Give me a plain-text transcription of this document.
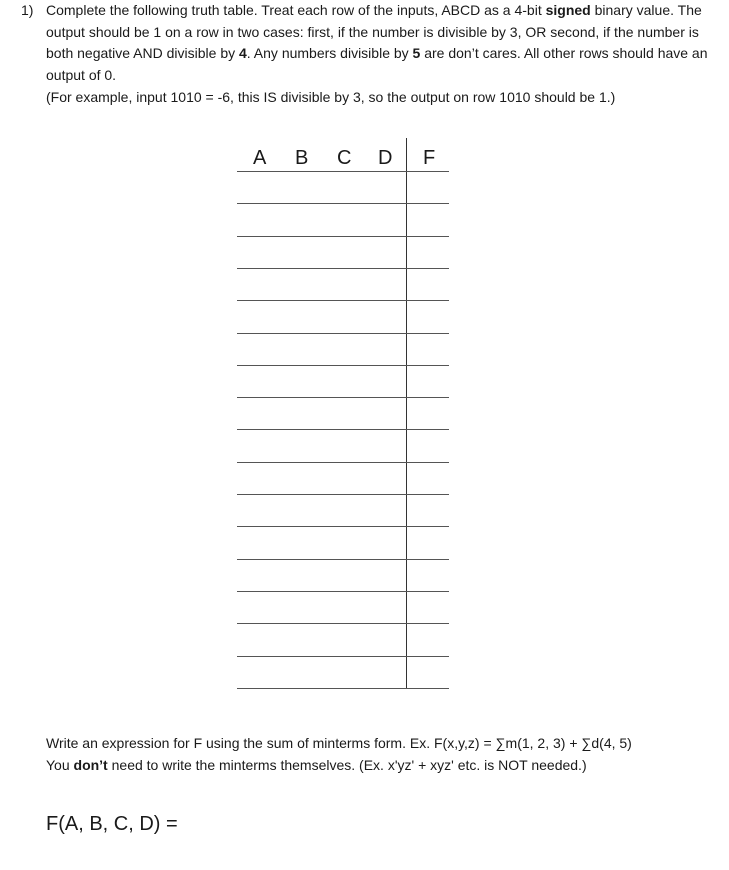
1) Complete the following truth table. Treat each row of the inputs, ABCD as a 4-bit signed binary value. The output should be 1 on a row in two cases: first, if the number is divisible by 3, OR second, if the number is both negative AND divisible by 4. Any numbers divisible by 5 are don’t cares. All other rows should have an output of 0.
(For example, input 1010 = -6, this IS divisible by 3, so the output on row 1010 should be 1.)

A B C D F

Write an expression for F using the sum of minterms form. Ex. F(x,y,z) = ∑m(1, 2, 3) + ∑d(4, 5)

You don’t need to write the minterms themselves. (Ex. x'yz' + xyz' etc. is NOT needed.)

F(A, B, C, D) =
